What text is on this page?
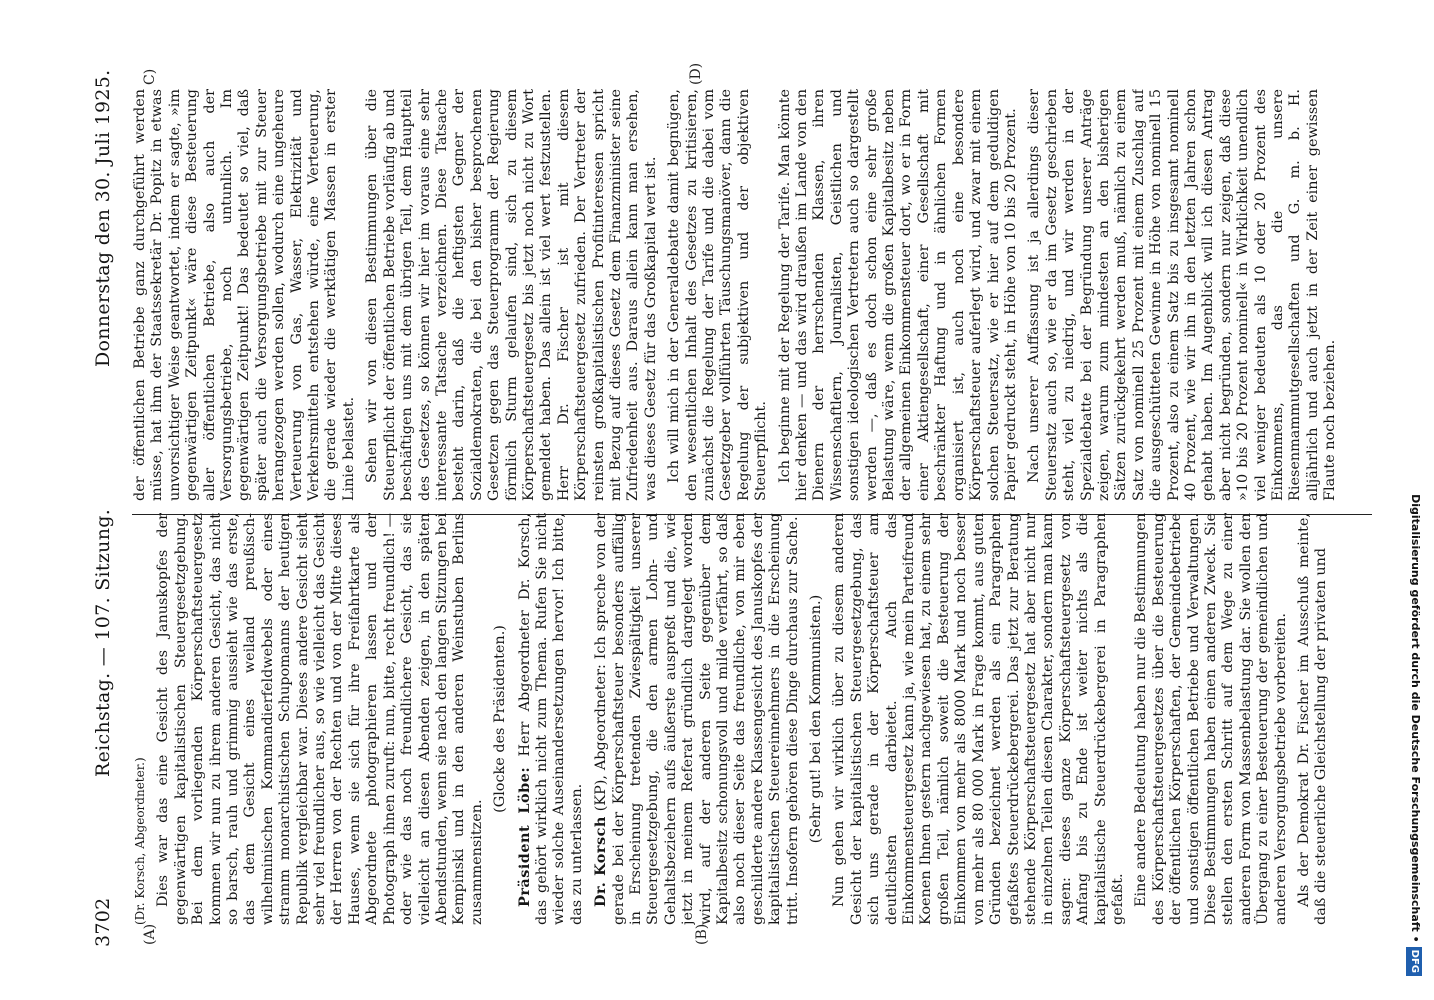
3702
Reichstag. — 107. Sitzung.
Donnerstag den 30. Juli 1925.
(A)	(B)
C)	(D)

(Dr. Korsch, Abgeordneter.) Dies war das eine Gesicht des Januskopfes der gegenwärtigen kapitalistischen Steuergesetzgebung. Bei dem vorliegenden Körperschaftsteuergesetz kommen wir nun zu ihrem anderen Gesicht, das nicht so barsch, rauh und grimmig aussieht wie das erste, das dem Gesicht eines weiland preußisch-wilhelminischen Kommandierfeldwebels oder eines stramm monarchistischen Schupomanns der heutigen Republik vergleichbar war. Dieses andere Gesicht sieht sehr viel freundlicher aus, so wie vielleicht das Gesicht der Herren von der Rechten und von der Mitte dieses Hauses, wenn sie sich für ihre Freifahrtkarte als Abgeordnete photographieren lassen und der Photograph ihnen zuruft: nun, bitte, recht freundlich! — oder wie das noch freundlichere Gesicht, das sie vielleicht an diesen Abenden zeigen, in den späten Abendstunden, wenn sie nach den langen Sitzungen bei Kempinski und in den anderen Weinstuben Berlins zusammensitzen.

(Glocke des Präsidenten.)

Präsident Löbe: Herr Abgeordneter Dr. Korsch, das gehört wirklich nicht zum Thema. Rufen Sie nicht wieder solche Auseinandersetzungen hervor! Ich bitte, das zu unterlassen. Dr. Korsch (KP), Abgeordneter: Ich spreche von der gerade bei der Körperschaftsteuer besonders auffällig in Erscheinung tretenden Zwiespältigkeit unserer Steuergesetzgebung, die den armen Lohn- und Gehaltsbeziehern aufs äußerste auspreßt und die, wie jetzt in meinem Referat gründlich dargelegt worden wird, auf der anderen Seite gegenüber dem Kapitalbesitz schonungsvoll und milde verfährt, so daß also noch dieser Seite das freundliche, von mir eben geschilderte andere Klassengesicht des Januskopfes der kapitalistischen Steuereinnehmers in die Erscheinung tritt. Insofern gehören diese Dinge durchaus zur Sache. (Sehr gut! bei den Kommunisten.) Nun gehen wir wirklich über zu diesem anderen Gesicht der kapitalistischen Steuergesetzgebung, das sich uns gerade in der Körperschaftsteuer am deutlichsten darbietet. Auch das Einkommensteuergesetz kann ja, wie mein Parteifreund Koenen Ihnen gestern nachgewiesen hat, zu einem sehr großen Teil, nämlich soweit die Besteuerung der Einkommen von mehr als 8000 Mark und noch besser von mehr als 80 000 Mark in Frage kommt, aus guten Gründen bezeichnet werden als ein Paragraphen gefaßtes Steuerdrückebergerei. Das jetzt zur Beratung stehende Körperschaftsteuergesetz hat aber nicht nur in einzelnen Teilen diesen Charakter, sondern man kann sagen: dieses ganze Körperschaftsteuergesetz von Anfang bis zu Ende ist weiter nichts als die kapitalistische Steuerdrückebergerei in Paragraphen gefaßt. Eine andere Bedeutung haben nur die Bestimmungen des Körperschaftsteuergesetzes über die Besteuerung der öffentlichen Körperschaften, der Gemeindebetriebe und sonstigen öffentlichen Betriebe und Verwaltungen. Diese Bestimmungen haben einen anderen Zweck. Sie stellen den ersten Schritt auf dem Wege zu einer anderen Form von Massenbelastung dar. Sie wollen den Übergang zu einer Besteuerung der gemeindlichen und anderen Versorgungsbetriebe vorbereiten. Als der Demokrat Dr. Fischer im Ausschuß meinte, daß die steuerliche Gleichstellung der privaten und

der öffentlichen Betriebe ganz durchgeführt werden müsse, hat ihm der Staatssekretär Dr. Popitz in etwas unvorsichtiger Weise geantwortet, indem er sagte, »im gegenwärtigen Zeitpunkt« wäre diese Besteuerung aller öffentlichen Betriebe, also auch der Versorgungsbetriebe, noch untunlich. Im gegenwärtigen Zeitpunkt! Das bedeutet so viel, daß später auch die Versorgungsbetriebe mit zur Steuer herangezogen werden sollen, wodurch eine ungeheure Verteuerung von Gas, Wasser, Elektrizität und Verkehrsmitteln entstehen würde, eine Verteuerung, die gerade wieder die werktätigen Massen in erster Linie belastet. Sehen wir von diesen Bestimmungen über die Steuerpflicht der öffentlichen Betriebe vorläufig ab und beschäftigen uns mit dem übrigen Teil, dem Hauptteil des Gesetzes, so können wir hier im voraus eine sehr interessante Tatsache verzeichnen. Diese Tatsache besteht darin, daß die heftigsten Gegner der Sozialdemokraten, die bei den bisher besprochenen Gesetzen gegen das Steuerprogramm der Regierung förmlich Sturm gelaufen sind, sich zu diesem Körperschaftsteuergesetz bis jetzt noch nicht zu Wort gemeldet haben. Das allein ist viel wert festzustellen. Herr Dr. Fischer ist mit diesem Körperschaftsteuergesetz zufrieden. Der Vertreter der reinsten großkapitalistischen Profitinteressen spricht mit Bezug auf dieses Gesetz dem Finanzminister seine Zufriedenheit aus. Daraus allein kann man ersehen, was dieses Gesetz für das Großkapital wert ist. Ich will mich in der Generaldebatte damit begnügen, den wesentlichen Inhalt des Gesetzes zu kritisieren, zunächst die Regelung der Tarife und die dabei vom Gesetzgeber vollführten Täuschungsmanöver, dann die Regelung der subjektiven und der objektiven Steuerpflicht. Ich beginne mit der Regelung der Tarife. Man könnte hier denken — und das wird draußen im Lande von den Dienern der herrschenden Klassen, ihren Wissenschaftlern, Journalisten, Geistlichen und sonstigen ideologischen Vertretern auch so dargestellt werden —, daß es doch schon eine sehr große Belastung wäre, wenn die großen Kapitalbesitz neben der allgemeinen Einkommensteuer dort, wo er in Form einer Aktiengesellschaft, einer Gesellschaft mit beschränkter Haftung und in ähnlichen Formen organisiert ist, auch noch eine besondere Körperschaftsteuer auferlegt wird, und zwar mit einem solchen Steuersatz, wie er hier auf dem geduldigen Papier gedruckt steht, in Höhe von 10 bis 20 Prozent. Nach unserer Auffassung ist ja allerdings dieser Steuersatz auch so, wie er da im Gesetz geschrieben steht, viel zu niedrig, und wir werden in der Spezialdebatte bei der Begründung unserer Anträge zeigen, warum zum mindesten an den bisherigen Sätzen zurückgekehrt werden muß, nämlich zu einem Satz von nominell 25 Prozent mit einem Zuschlag auf die ausgeschütteten Gewinne in Höhe von nominell 15 Prozent, also zu einem Satz bis zu insgesamt nominell 40 Prozent, wie wir ihn in den letzten Jahren schon gehabt haben. Im Augenblick will ich diesen Antrag aber nicht begründen, sondern nur zeigen, daß diese »10 bis 20 Prozent nominell« in Wirklichkeit unendlich viel weniger bedeuten als 10 oder 20 Prozent des Einkommens, das die unsere Riesenmammutgesellschaften und G. m. b. H. alljährlich und auch jetzt in der Zeit einer gewissen Flaute noch beziehen.

Digitalisierung gefördert durch die Deutsche Forschungsgemeinschaft •DFG
